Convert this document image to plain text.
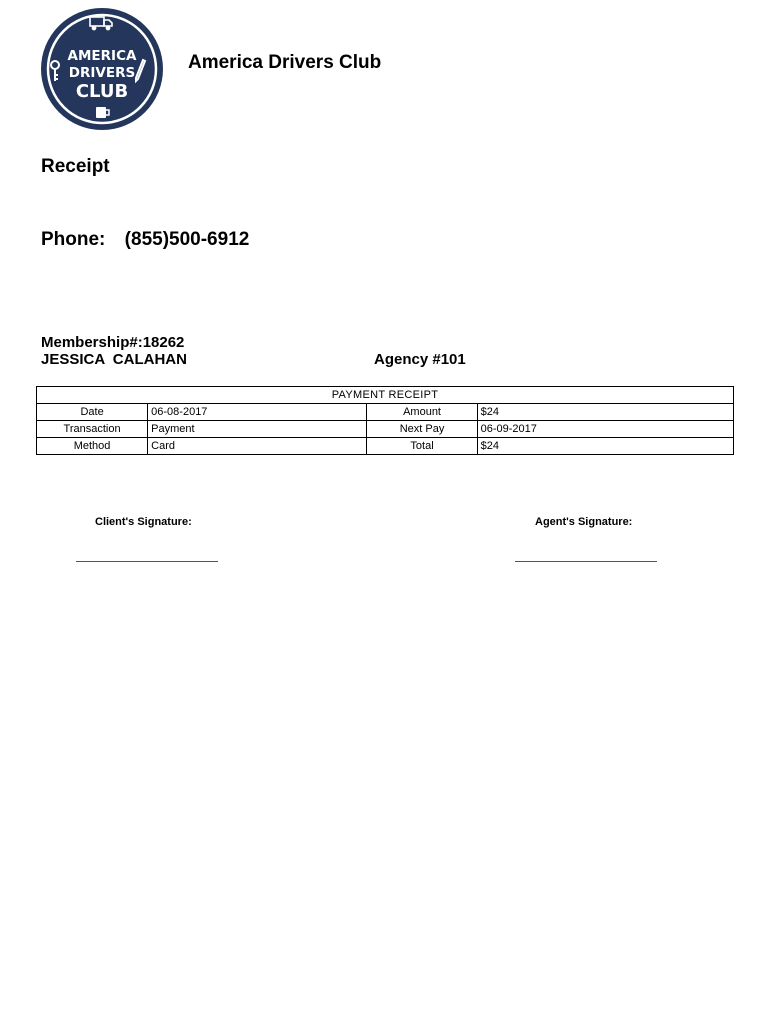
AMERICA
DRIVERS
CLUB
America Drivers Club
Receipt
Phone: (855)500-6912
Membership#:18262
JESSICA CALAHAN	Agency #101
PAYMENT RECEIPT			
Date	06-08-2017	Amount	$24
Transaction	Payment	Next Pay	06-09-2017
Method	Card	Total	$24
Client's Signature:	Agent's Signature:
